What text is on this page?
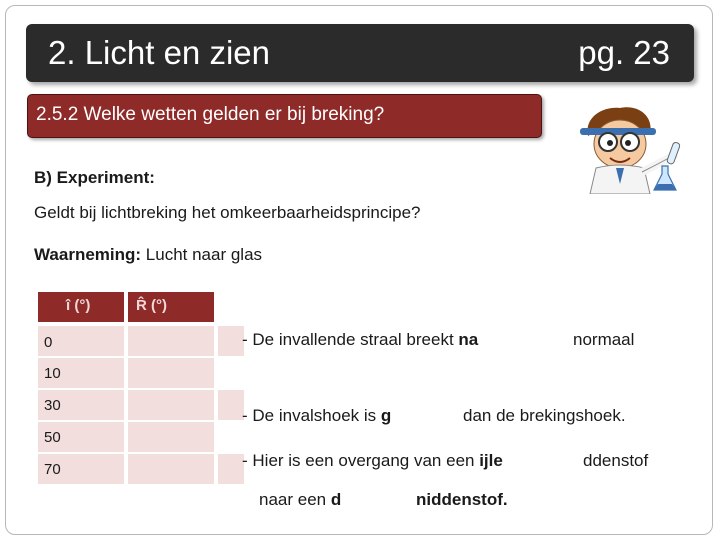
2. Licht en zien	pg. 23
2.5.2 Welke wetten gelden er bij breking?
B) Experiment:
Geldt bij lichtbreking het omkeerbaarheidsprincipe?
Waarneming: Lucht naar glas
î (°)	R̂ (°)
0
10
30
50
70
- De invallende straal breekt na	normaal
- De invalshoek is g	dan de brekingshoek.
- Hier is een overgang van een ijle	ddenstof
naar een d	niddenstof.
